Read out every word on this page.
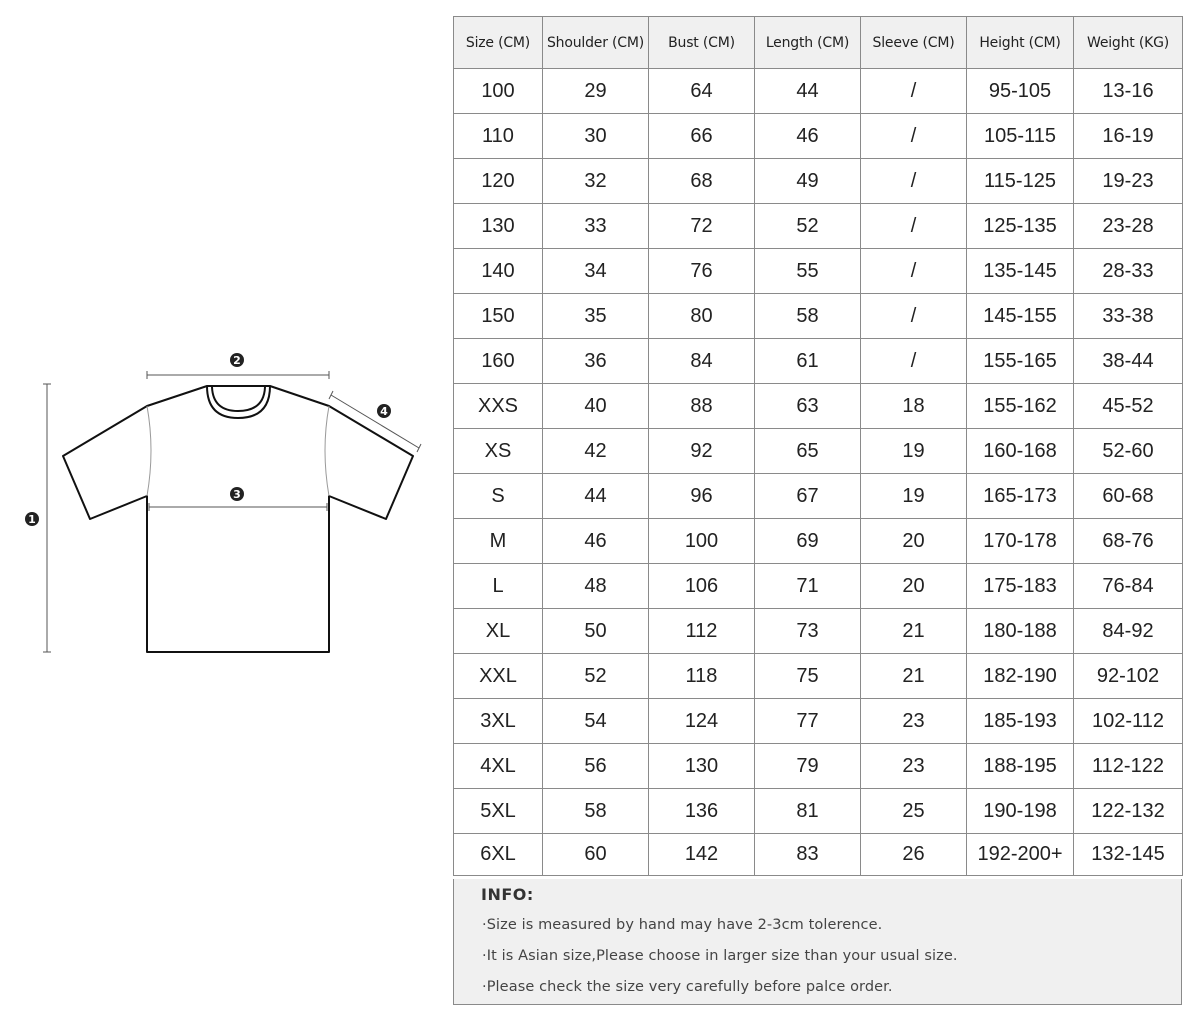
1
2
3
4
Size (CM)	Shoulder (CM)	Bust (CM)	Length (CM)	Sleeve (CM)	Height (CM)	Weight (KG)
100	29	64	44	/	95-105	13-16
110	30	66	46	/	105-115	16-19
120	32	68	49	/	115-125	19-23
130	33	72	52	/	125-135	23-28
140	34	76	55	/	135-145	28-33
150	35	80	58	/	145-155	33-38
160	36	84	61	/	155-165	38-44
XXS	40	88	63	18	155-162	45-52
XS	42	92	65	19	160-168	52-60
S	44	96	67	19	165-173	60-68
M	46	100	69	20	170-178	68-76
L	48	106	71	20	175-183	76-84
XL	50	112	73	21	180-188	84-92
XXL	52	118	75	21	182-190	92-102
3XL	54	124	77	23	185-193	102-112
4XL	56	130	79	23	188-195	112-122
5XL	58	136	81	25	190-198	122-132
6XL	60	142	83	26	192-200+	132-145
INFO:
·Size is measured by hand may have 2-3cm tolerence.
·It is Asian size,Please choose in larger size than your usual size.
·Please check the size very carefully before palce order.
